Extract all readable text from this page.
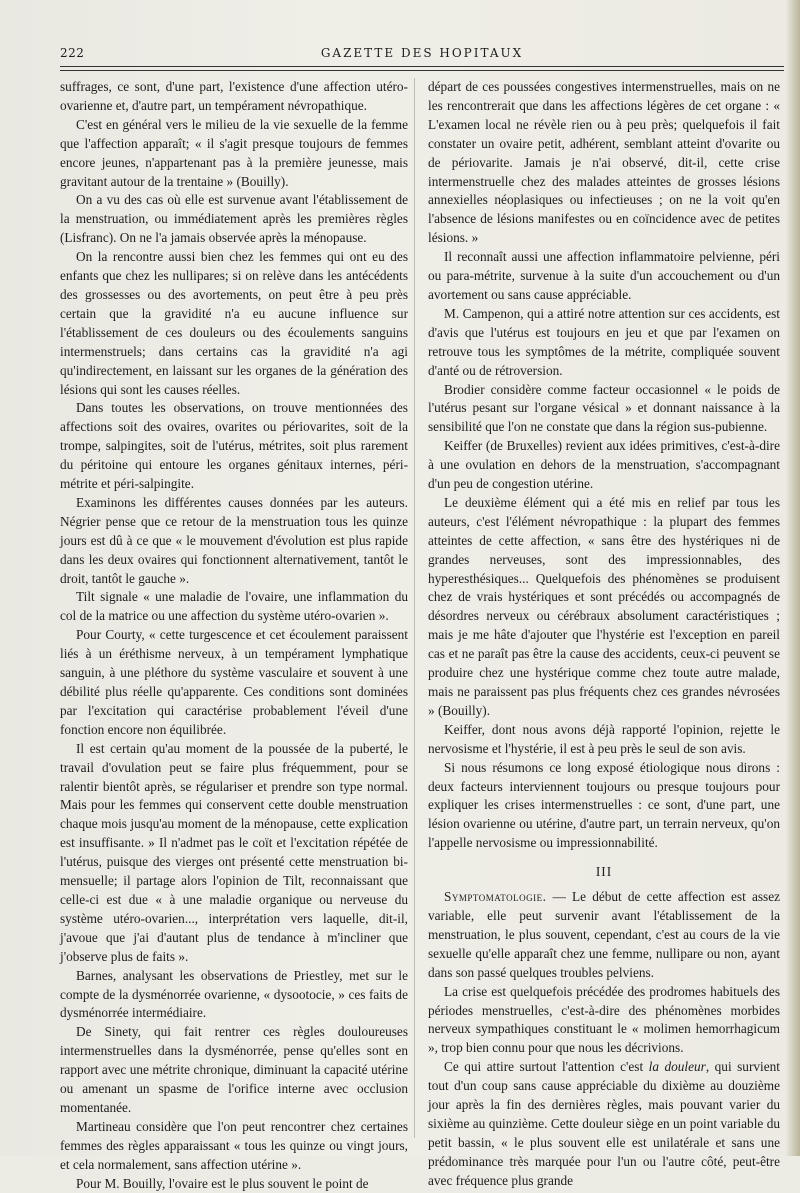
222	GAZETTE DES HOPITAUX

suffrages, ce sont, d'une part, l'existence d'une affection utéro-ovarienne et, d'autre part, un tempérament névropathique.

C'est en général vers le milieu de la vie sexuelle de la femme que l'affection apparaît; « il s'agit presque toujours de femmes encore jeunes, n'appartenant pas à la première jeunesse, mais gravitant autour de la trentaine » (Bouilly).

On a vu des cas où elle est survenue avant l'établissement de la menstruation, ou immédiatement après les premières règles (Lisfranc). On ne l'a jamais observée après la ménopause.

On la rencontre aussi bien chez les femmes qui ont eu des enfants que chez les nullipares; si on relève dans les antécédents des grossesses ou des avortements, on peut être à peu près certain que la gravidité n'a eu aucune influence sur l'établissement de ces douleurs ou des écoulements sanguins intermenstruels; dans certains cas la gravidité n'a agi qu'indirectement, en laissant sur les organes de la génération des lésions qui sont les causes réelles.

Dans toutes les observations, on trouve mentionnées des affections soit des ovaires, ovarites ou périovarites, soit de la trompe, salpingites, soit de l'utérus, métrites, soit plus rarement du péritoine qui entoure les organes génitaux internes, péri-métrite et péri-salpingite.

Examinons les différentes causes données par les auteurs. Négrier pense que ce retour de la menstruation tous les quinze jours est dû à ce que « le mouvement d'évolution est plus rapide dans les deux ovaires qui fonctionnent alternativement, tantôt le droit, tantôt le gauche ».

Tilt signale « une maladie de l'ovaire, une inflammation du col de la matrice ou une affection du système utéro-ovarien ».

Pour Courty, « cette turgescence et cet écoulement paraissent liés à un éréthisme nerveux, à un tempérament lymphatique sanguin, à une pléthore du système vasculaire et souvent à une débilité plus réelle qu'apparente. Ces conditions sont dominées par l'excitation qui caractérise probablement l'éveil d'une fonction encore non équilibrée.

Il est certain qu'au moment de la poussée de la puberté, le travail d'ovulation peut se faire plus fréquemment, pour se ralentir bientôt après, se régulariser et prendre son type normal. Mais pour les femmes qui conservent cette double menstruation chaque mois jusqu'au moment de la ménopause, cette explication est insuffisante. » Il n'admet pas le coït et l'excitation répétée de l'utérus, puisque des vierges ont présenté cette menstruation bi-mensuelle; il partage alors l'opinion de Tilt, reconnaissant que celle-ci est due « à une maladie organique ou nerveuse du système utéro-ovarien..., interprétation vers laquelle, dit-il, j'avoue que j'ai d'autant plus de tendance à m'incliner que j'observe plus de faits ».

Barnes, analysant les observations de Priestley, met sur le compte de la dysménorrée ovarienne, « dysootocie, » ces faits de dysménorrée intermédiaire.

De Sinety, qui fait rentrer ces règles douloureuses intermenstruelles dans la dysménorrée, pense qu'elles sont en rapport avec une métrite chronique, diminuant la capacité utérine ou amenant un spasme de l'orifice interne avec occlusion momentanée.

Martineau considère que l'on peut rencontrer chez certaines femmes des règles apparaissant « tous les quinze ou vingt jours, et cela normalement, sans affection utérine ».

Pour M. Bouilly, l'ovaire est le plus souvent le point de

départ de ces poussées congestives intermenstruelles, mais on ne les rencontrerait que dans les affections légères de cet organe : « L'examen local ne révèle rien ou à peu près; quelquefois il fait constater un ovaire petit, adhérent, semblant atteint d'ovarite ou de périovarite. Jamais je n'ai observé, dit-il, cette crise intermenstruelle chez des malades atteintes de grosses lésions annexielles néoplasiques ou infectieuses ; on ne la voit qu'en l'absence de lésions manifestes ou en coïncidence avec de petites lésions. »

Il reconnaît aussi une affection inflammatoire pelvienne, péri ou para-métrite, survenue à la suite d'un accouchement ou d'un avortement ou sans cause appréciable.

M. Campenon, qui a attiré notre attention sur ces accidents, est d'avis que l'utérus est toujours en jeu et que par l'examen on retrouve tous les symptômes de la métrite, compliquée souvent d'anté ou de rétroversion.

Brodier considère comme facteur occasionnel « le poids de l'utérus pesant sur l'organe vésical » et donnant naissance à la sensibilité que l'on ne constate que dans la région sus-pubienne.

Keiffer (de Bruxelles) revient aux idées primitives, c'est-à-dire à une ovulation en dehors de la menstruation, s'accompagnant d'un peu de congestion utérine.

Le deuxième élément qui a été mis en relief par tous les auteurs, c'est l'élément névropathique : la plupart des femmes atteintes de cette affection, « sans être des hystériques ni de grandes nerveuses, sont des impressionnables, des hyperesthésiques... Quelquefois des phénomènes se produisent chez de vrais hystériques et sont précédés ou accompagnés de désordres nerveux ou cérébraux absolument caractéristiques ; mais je me hâte d'ajouter que l'hystérie est l'exception en pareil cas et ne paraît pas être la cause des accidents, ceux-ci peuvent se produire chez une hystérique comme chez toute autre malade, mais ne paraissent pas plus fréquents chez ces grandes névrosées » (Bouilly).

Keiffer, dont nous avons déjà rapporté l'opinion, rejette le nervosisme et l'hystérie, il est à peu près le seul de son avis.

Si nous résumons ce long exposé étiologique nous dirons : deux facteurs interviennent toujours ou presque toujours pour expliquer les crises intermenstruelles : ce sont, d'une part, une lésion ovarienne ou utérine, d'autre part, un terrain nerveux, qu'on l'appelle nervosisme ou impressionnabilité.

III

Symptomatologie. — Le début de cette affection est assez variable, elle peut survenir avant l'établissement de la menstruation, le plus souvent, cependant, c'est au cours de la vie sexuelle qu'elle apparaît chez une femme, nullipare ou non, ayant dans son passé quelques troubles pelviens.

La crise est quelquefois précédée des prodromes habituels des périodes menstruelles, c'est-à-dire des phénomènes morbides nerveux sympathiques constituant le « molimen hemorrhagicum », trop bien connu pour que nous les décrivions.

Ce qui attire surtout l'attention c'est la douleur, qui survient tout d'un coup sans cause appréciable du dixième au douzième jour après la fin des dernières règles, mais pouvant varier du sixième au quinzième. Cette douleur siège en un point variable du petit bassin, « le plus souvent elle est unilatérale et sans une prédominance très marquée pour l'un ou l'autre côté, peut-être avec fréquence plus grande
